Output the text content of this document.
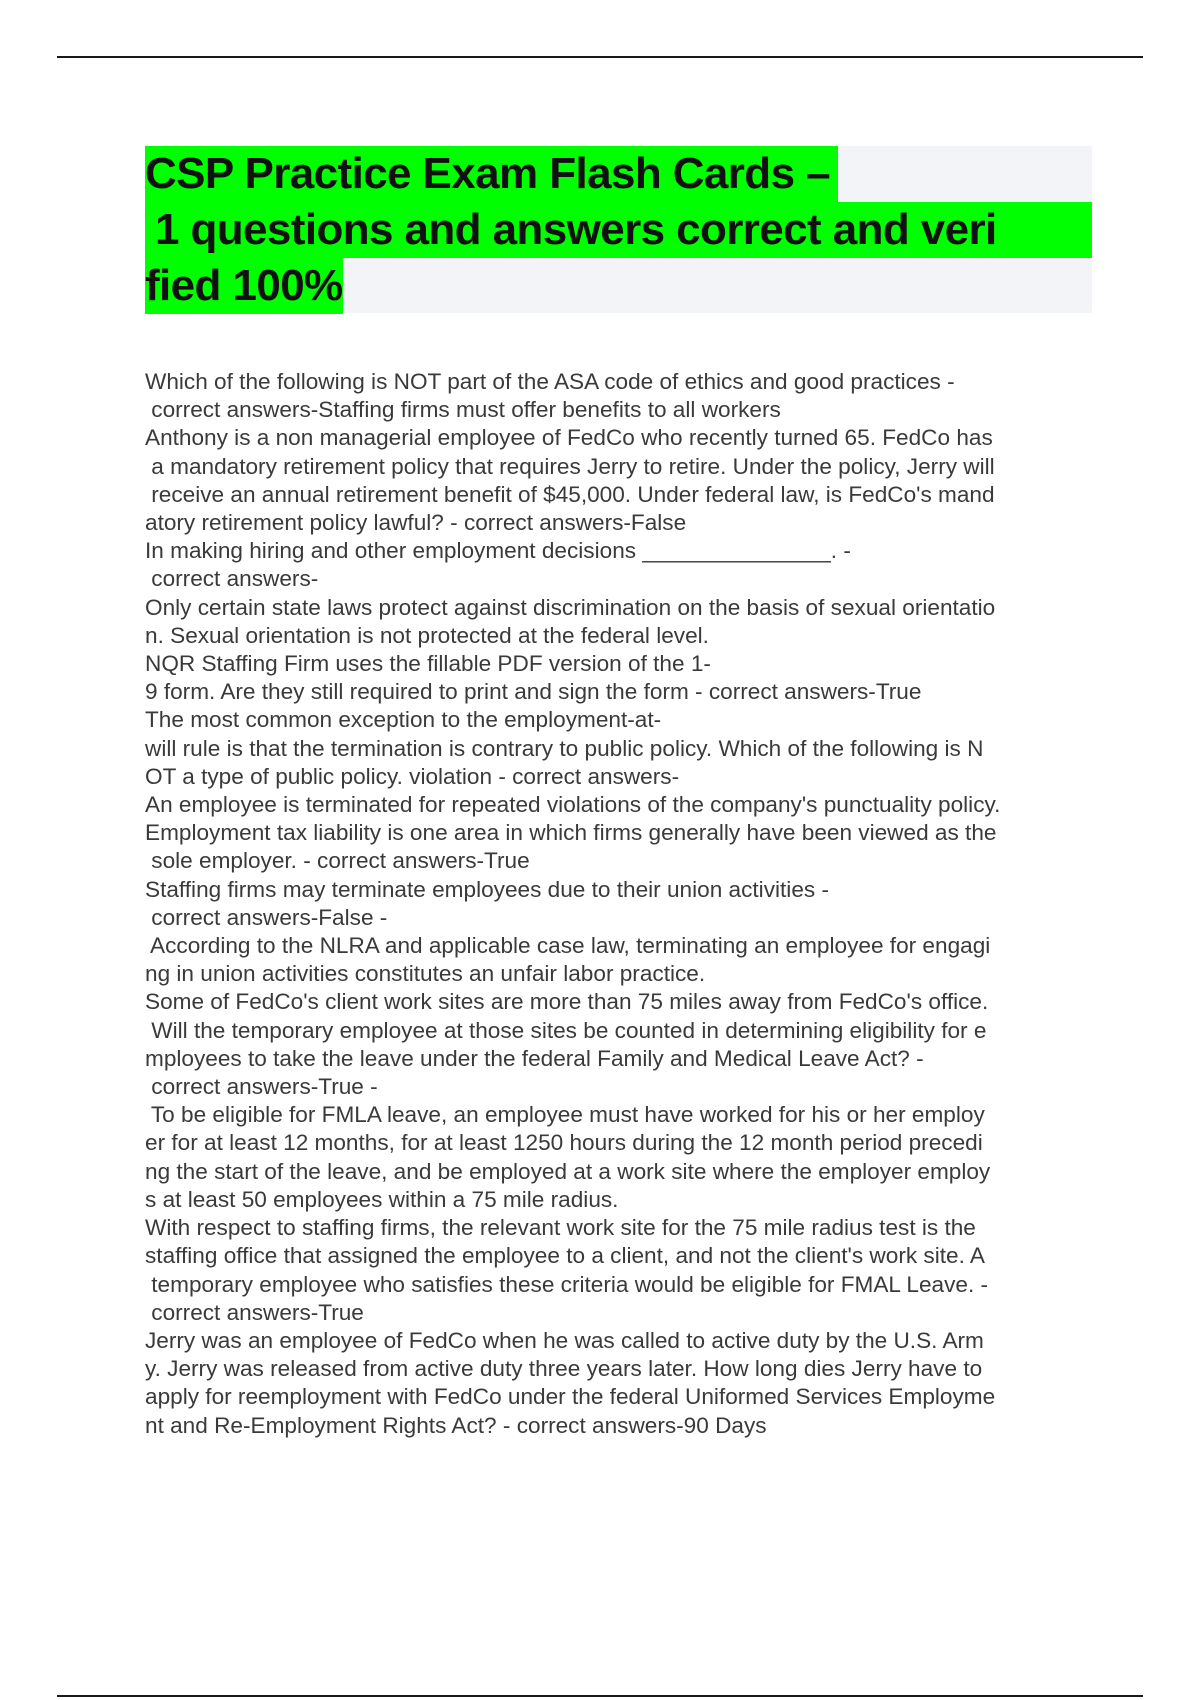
CSP Practice Exam Flash Cards –
1 questions and answers correct and veri
fied 100%
Which of the following is NOT part of the ASA code of ethics and good practices -
correct answers-Staffing firms must offer benefits to all workers
Anthony is a non managerial employee of FedCo who recently turned 65. FedCo has
a mandatory retirement policy that requires Jerry to retire. Under the policy, Jerry will
receive an annual retirement benefit of $45,000. Under federal law, is FedCo's mand
atory retirement policy lawful? - correct answers-False
In making hiring and other employment decisions _______________. -
correct answers-
Only certain state laws protect against discrimination on the basis of sexual orientatio
n. Sexual orientation is not protected at the federal level.
NQR Staffing Firm uses the fillable PDF version of the 1-
9 form. Are they still required to print and sign the form - correct answers-True
The most common exception to the employment-at-
will rule is that the termination is contrary to public policy. Which of the following is N
OT a type of public policy. violation - correct answers-
An employee is terminated for repeated violations of the company's punctuality policy.
Employment tax liability is one area in which firms generally have been viewed as the
sole employer. - correct answers-True
Staffing firms may terminate employees due to their union activities -
correct answers-False -
According to the NLRA and applicable case law, terminating an employee for engagi
ng in union activities constitutes an unfair labor practice.
Some of FedCo's client work sites are more than 75 miles away from FedCo's office.
Will the temporary employee at those sites be counted in determining eligibility for e
mployees to take the leave under the federal Family and Medical Leave Act? -
correct answers-True -
To be eligible for FMLA leave, an employee must have worked for his or her employ
er for at least 12 months, for at least 1250 hours during the 12 month period precedi
ng the start of the leave, and be employed at a work site where the employer employ
s at least 50 employees within a 75 mile radius.
With respect to staffing firms, the relevant work site for the 75 mile radius test is the
staffing office that assigned the employee to a client, and not the client's work site. A
temporary employee who satisfies these criteria would be eligible for FMAL Leave. -
correct answers-True
Jerry was an employee of FedCo when he was called to active duty by the U.S. Arm
y. Jerry was released from active duty three years later. How long dies Jerry have to
apply for reemployment with FedCo under the federal Uniformed Services Employme
nt and Re-Employment Rights Act? - correct answers-90 Days
